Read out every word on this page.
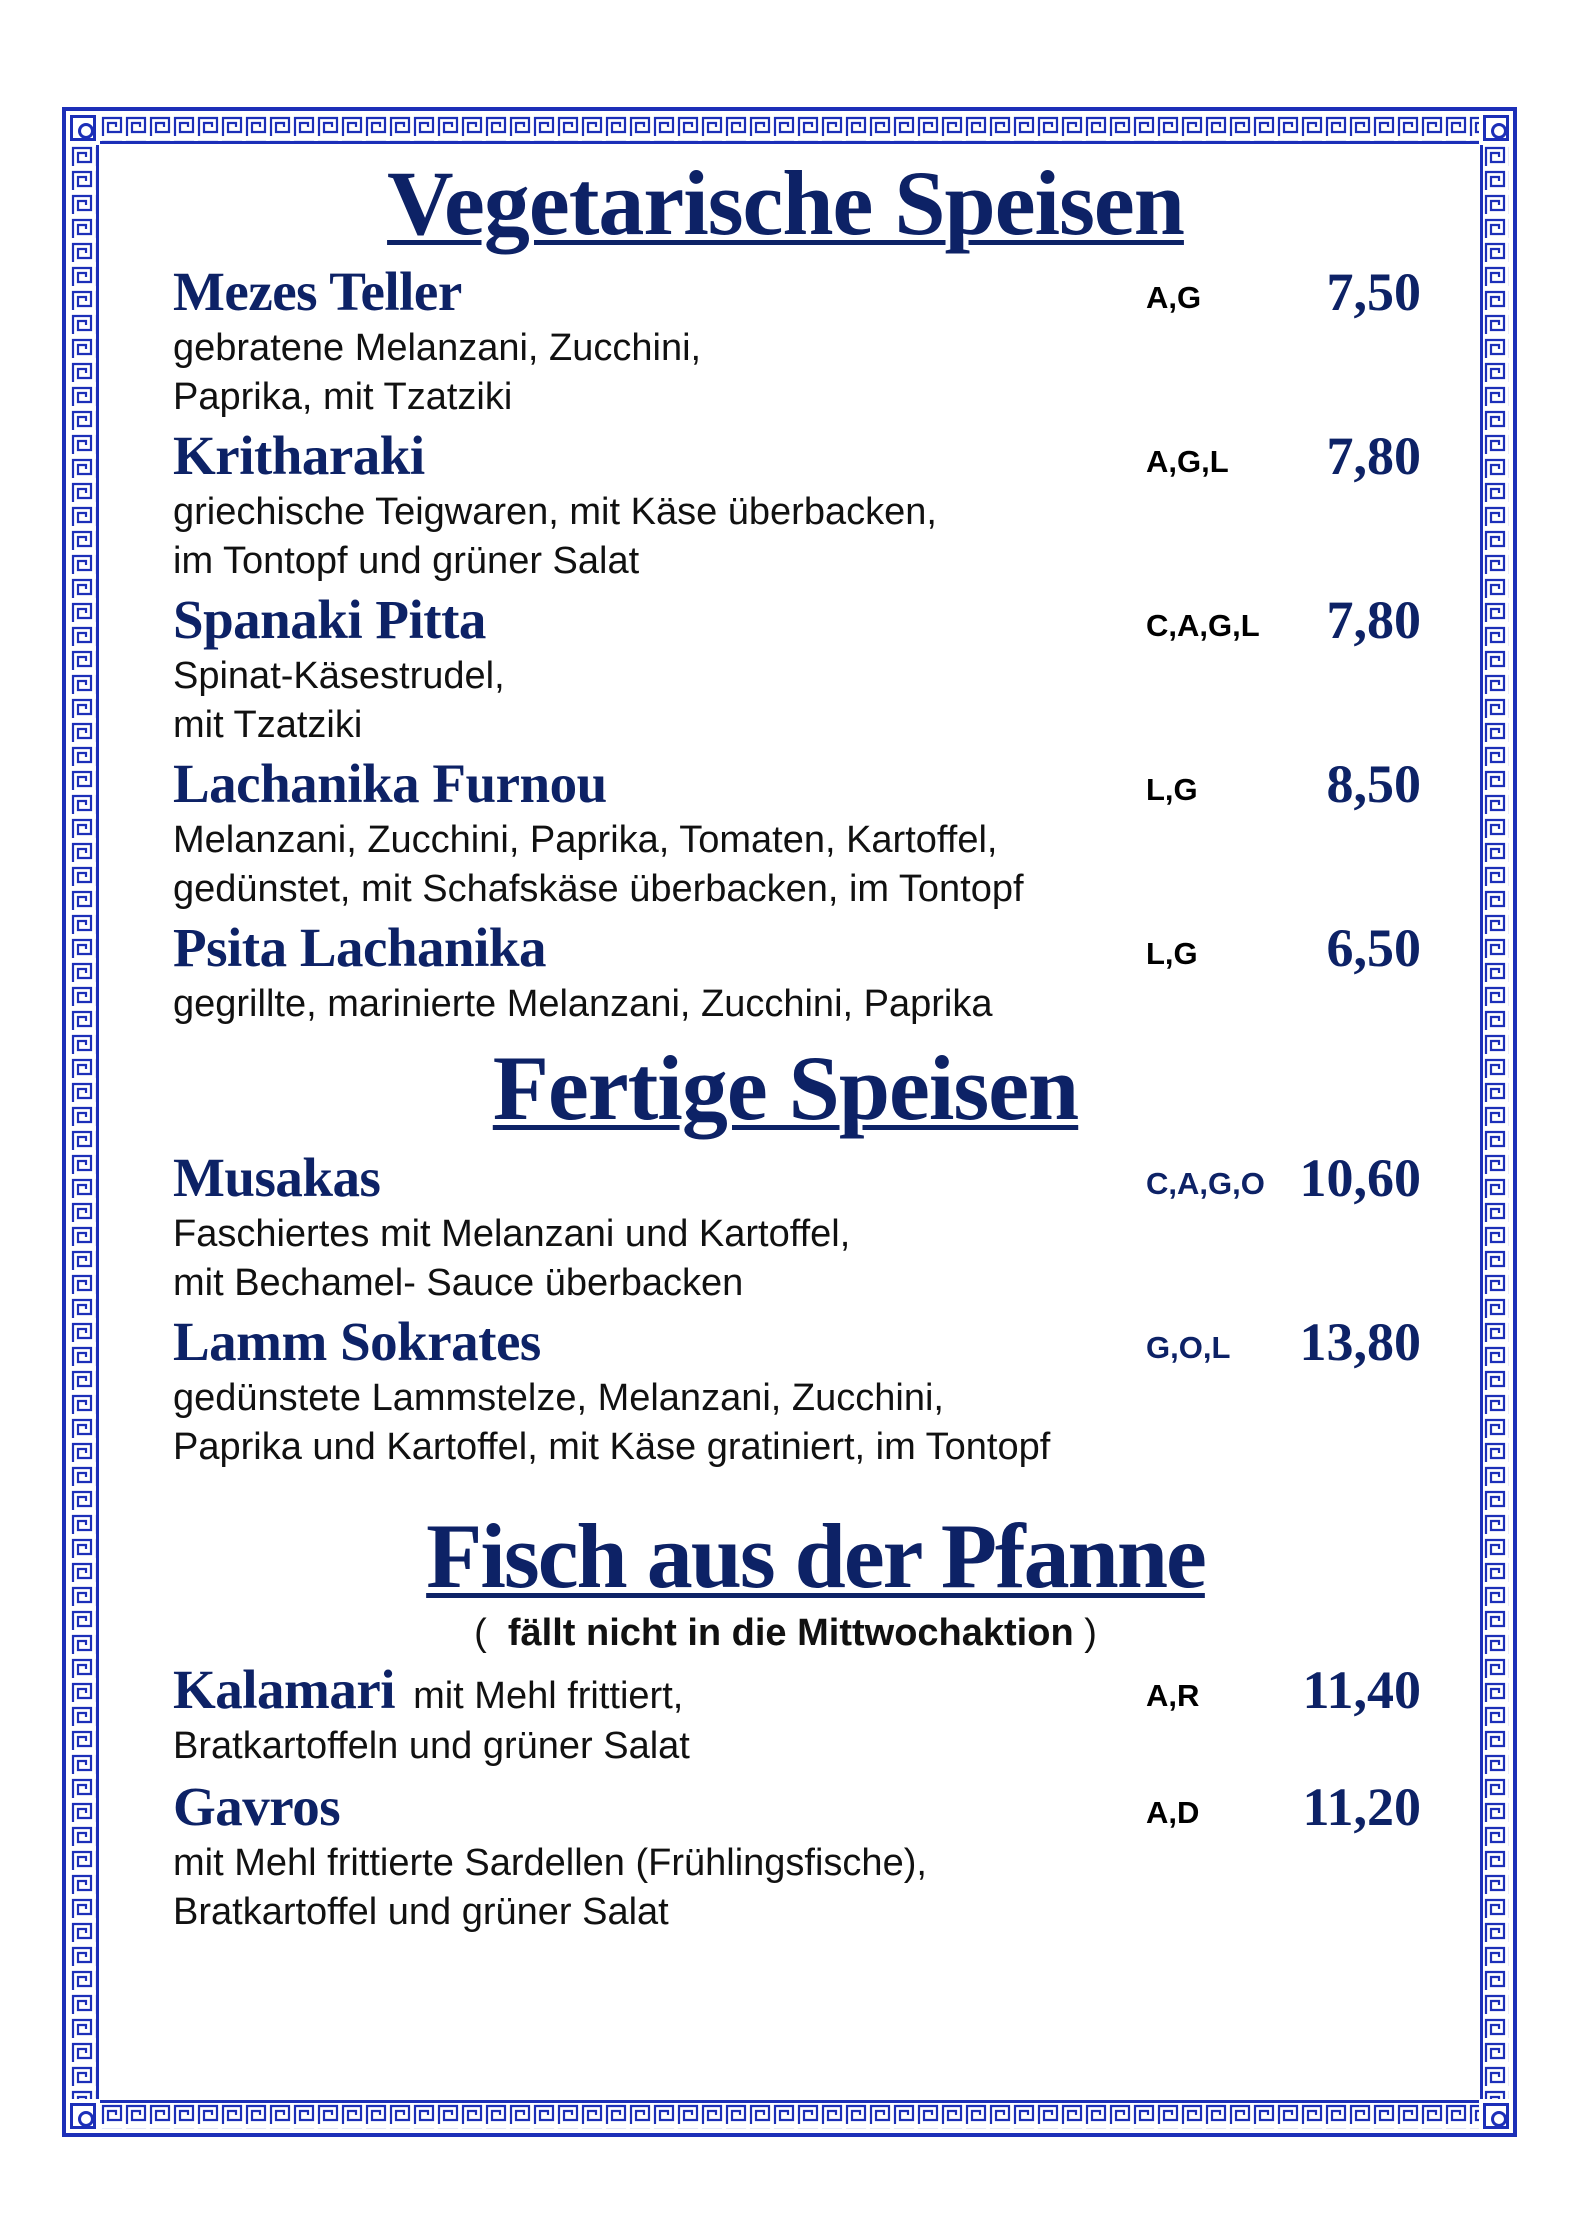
Vegetarische Speisen
Mezes Teller	A,G 7,50
gebratene Melanzani, Zucchini,
Paprika, mit Tzatziki
Kritharaki	A,G,L 7,80
griechische Teigwaren, mit Käse überbacken,
im Tontopf und grüner Salat
Spanaki Pitta	C,A,G,L 7,80
Spinat-Käsestrudel,
mit Tzatziki
Lachanika Furnou	L,G 8,50
Melanzani, Zucchini, Paprika, Tomaten, Kartoffel,
gedünstet, mit Schafskäse überbacken, im Tontopf
Psita Lachanika	L,G 6,50
gegrillte, marinierte Melanzani, Zucchini, Paprika
Fertige Speisen
Musakas	C,A,G,O 10,60
Faschiertes mit Melanzani und Kartoffel,
mit Bechamel- Sauce überbacken
Lamm Sokrates	G,O,L 13,80
gedünstete Lammstelze, Melanzani, Zucchini,
Paprika und Kartoffel, mit Käse gratiniert, im Tontopf
Fisch aus der Pfanne
( fällt nicht in die Mittwochaktion )
Kalamari mit Mehl frittiert,	A,R 11,40
Bratkartoffeln und grüner Salat
Gavros	A,D 11,20
mit Mehl frittierte Sardellen (Frühlingsfische),
Bratkartoffel und grüner Salat
